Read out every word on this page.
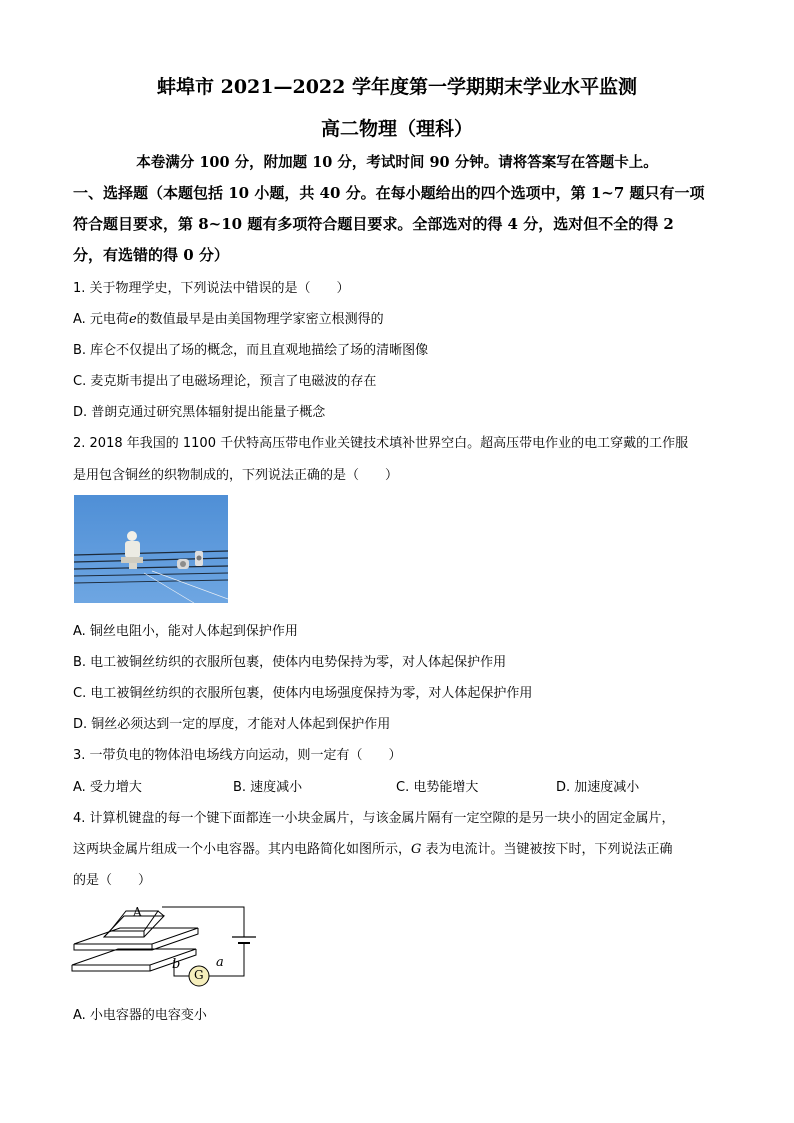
蚌埠市 2021—2022 学年度第一学期期末学业水平监测
高二物理（理科）
本卷满分 100 分，附加题 10 分，考试时间 90 分钟。请将答案写在答题卡上。
一、选择题（本题包括 10 小题，共 40 分。在每小题给出的四个选项中，第 1~7 题只有一项
符合题目要求，第 8~10 题有多项符合题目要求。全部选对的得 4 分，选对但不全的得 2
分，有选错的得 0 分）
1. 关于物理学史，下列说法中错误的是（　　）
A. 元电荷e的数值最早是由美国物理学家密立根测得的
B. 库仑不仅提出了场的概念，而且直观地描绘了场的清晰图像
C. 麦克斯韦提出了电磁场理论，预言了电磁波的存在
D. 普朗克通过研究黑体辐射提出能量子概念
2. 2018 年我国的 1100 千伏特高压带电作业关键技术填补世界空白。超高压带电作业的电工穿戴的工作服
是用包含铜丝的织物制成的，下列说法正确的是（　　）
A. 铜丝电阻小，能对人体起到保护作用
B. 电工被铜丝纺织的衣服所包裹，使体内电势保持为零，对人体起保护作用
C. 电工被铜丝纺织的衣服所包裹，使体内电场强度保持为零，对人体起保护作用
D. 铜丝必须达到一定的厚度，才能对人体起到保护作用
3. 一带负电的物体沿电场线方向运动，则一定有（　　）
A. 受力增大	B. 速度减小	C. 电势能增大	D. 加速度减小
4. 计算机键盘的每一个键下面都连一小块金属片，与该金属片隔有一定空隙的是另一块小的固定金属片，
这两块金属片组成一个小电容器。其内电路简化如图所示，G 表为电流计。当键被按下时，下列说法正确
的是（　　）
A
G
b	a
A. 小电容器的电容变小
